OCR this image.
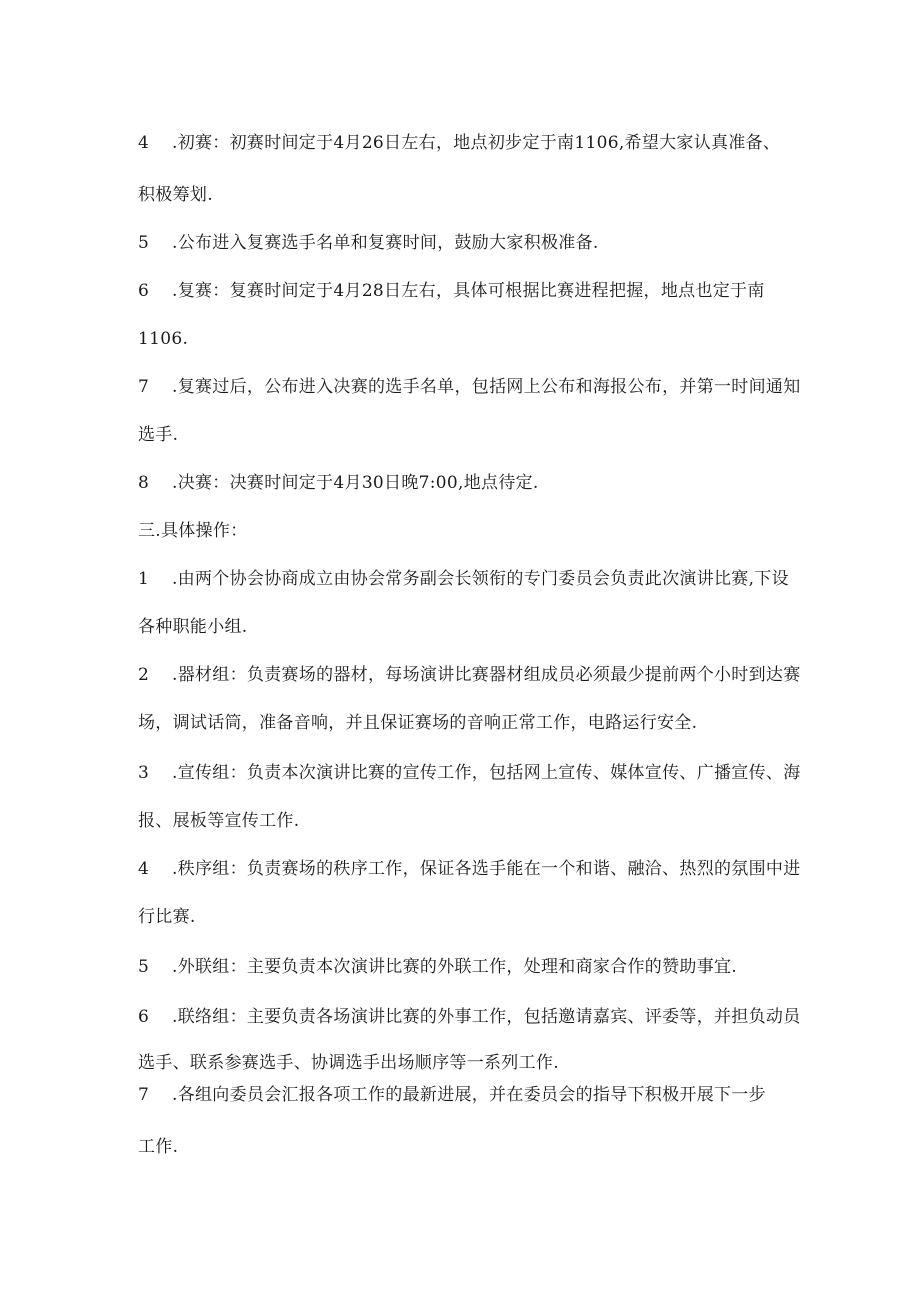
4 .初赛：初赛时间定于4月26日左右，地点初步定于南1106,希望大家认真准备、
积极筹划.
5 .公布进入复赛选手名单和复赛时间，鼓励大家积极准备.
6 .复赛：复赛时间定于4月28日左右，具体可根据比赛进程把握，地点也定于南
1106.
7 .复赛过后，公布进入决赛的选手名单，包括网上公布和海报公布，并第一时间通知
选手.
8 .决赛：决赛时间定于4月30日晚7:00,地点待定.
三.具体操作：
1 .由两个协会协商成立由协会常务副会长领衔的专门委员会负责此次演讲比赛,下设
各种职能小组.
2 .器材组：负责赛场的器材，每场演讲比赛器材组成员必须最少提前两个小时到达赛
场，调试话筒，准备音响，并且保证赛场的音响正常工作，电路运行安全.
3 .宣传组：负责本次演讲比赛的宣传工作，包括网上宣传、媒体宣传、广播宣传、海
报、展板等宣传工作.
4 .秩序组：负责赛场的秩序工作，保证各选手能在一个和谐、融洽、热烈的氛围中进
行比赛.
5 .外联组：主要负责本次演讲比赛的外联工作，处理和商家合作的赞助事宜.
6 .联络组：主要负责各场演讲比赛的外事工作，包括邀请嘉宾、评委等，并担负动员
选手、联系参赛选手、协调选手出场顺序等一系列工作.
7 .各组向委员会汇报各项工作的最新进展，并在委员会的指导下积极开展下一步
工作.
